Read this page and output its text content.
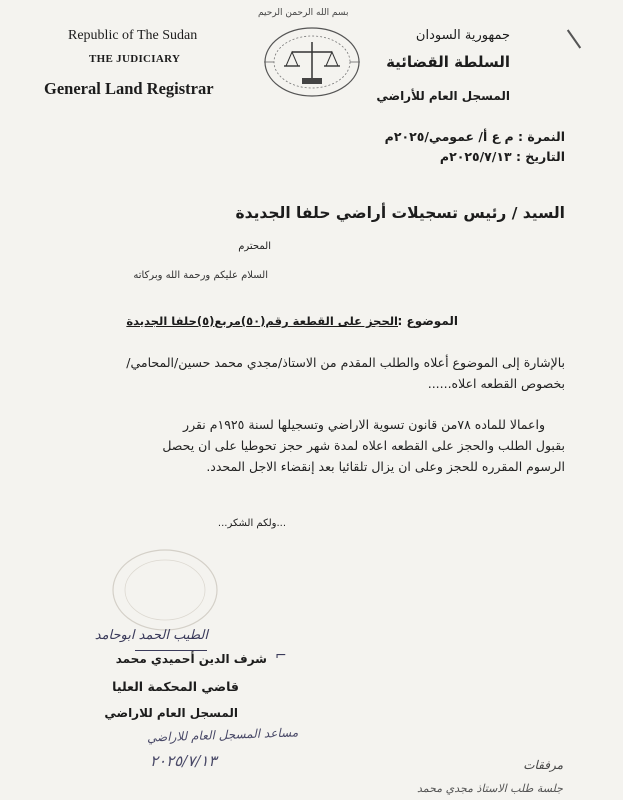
Republic of The Sudan
THE JUDICIARY
General Land Registrar
بسم الله الرحمن الرحيم
جمهورية السودان
السلطة القضائية
المسجل العام للأراضي
النمرة : م ع أ/ عمومي/٢٠٢٥م
التاريخ : ٢٠٢٥/٧/١٣م
السيد / رئيس تسجيلات أراضي حلفا الجديدة
المحترم
السلام عليكم ورحمة الله وبركاته
الموضوع :
الحجز على القطعة رقم(٥٠)مربع(٥)حلفا الجديدة
بالإشارة إلى الموضوع أعلاه والطلب المقدم من الاستاذ/مجدي محمد حسين/المحامي/
بخصوص القطعه اعلاه......
واعمالا للماده ٧٨من قانون تسوية الاراضي وتسجيلها لسنة ١٩٢٥م نقرر
بقبول الطلب والحجز على القطعه اعلاه لمدة شهر حجز تحوطيا على ان يحصل
الرسوم المقرره للحجز وعلى ان يزال تلقائيا بعد إنقضاء الاجل المحدد.
...ولكم الشكر...
الطيب الحمد ابوحامد
شرف الدين أحميدي محمد ⌐
قاضي المحكمة العليا
المسجل العام للاراضي
مساعد المسجل العام للاراضي
٢٠٢٥/٧/١٣	مرفقات
جلسة طلب الاستاذ مجدي محمد
